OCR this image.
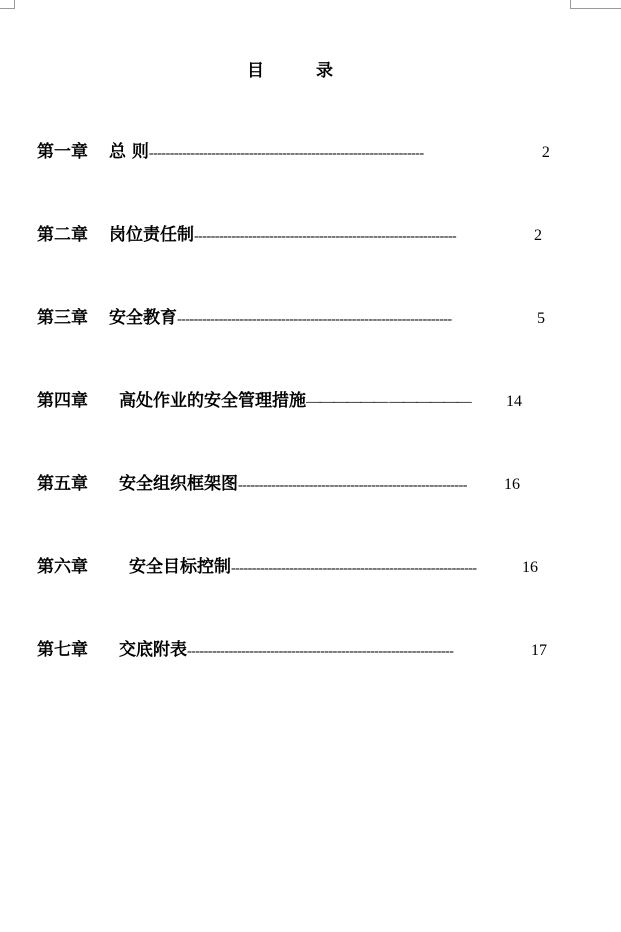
目	录
第一章 总 则 ------------------------------------------------------------------	2
第二章 岗位责任制 ---------------------------------------------------------------	2
第三章 安全教育 ------------------------------------------------------------------	5
第四章 高处作业的安全管理措施 —————— ——————	14
第五章 安全组织框架图 -------------------------------------------------------	16
第六章 安全目标控制 -----------------------------------------------------------	16
第七章 交底附表 ----------------------------------------------------------------	17
